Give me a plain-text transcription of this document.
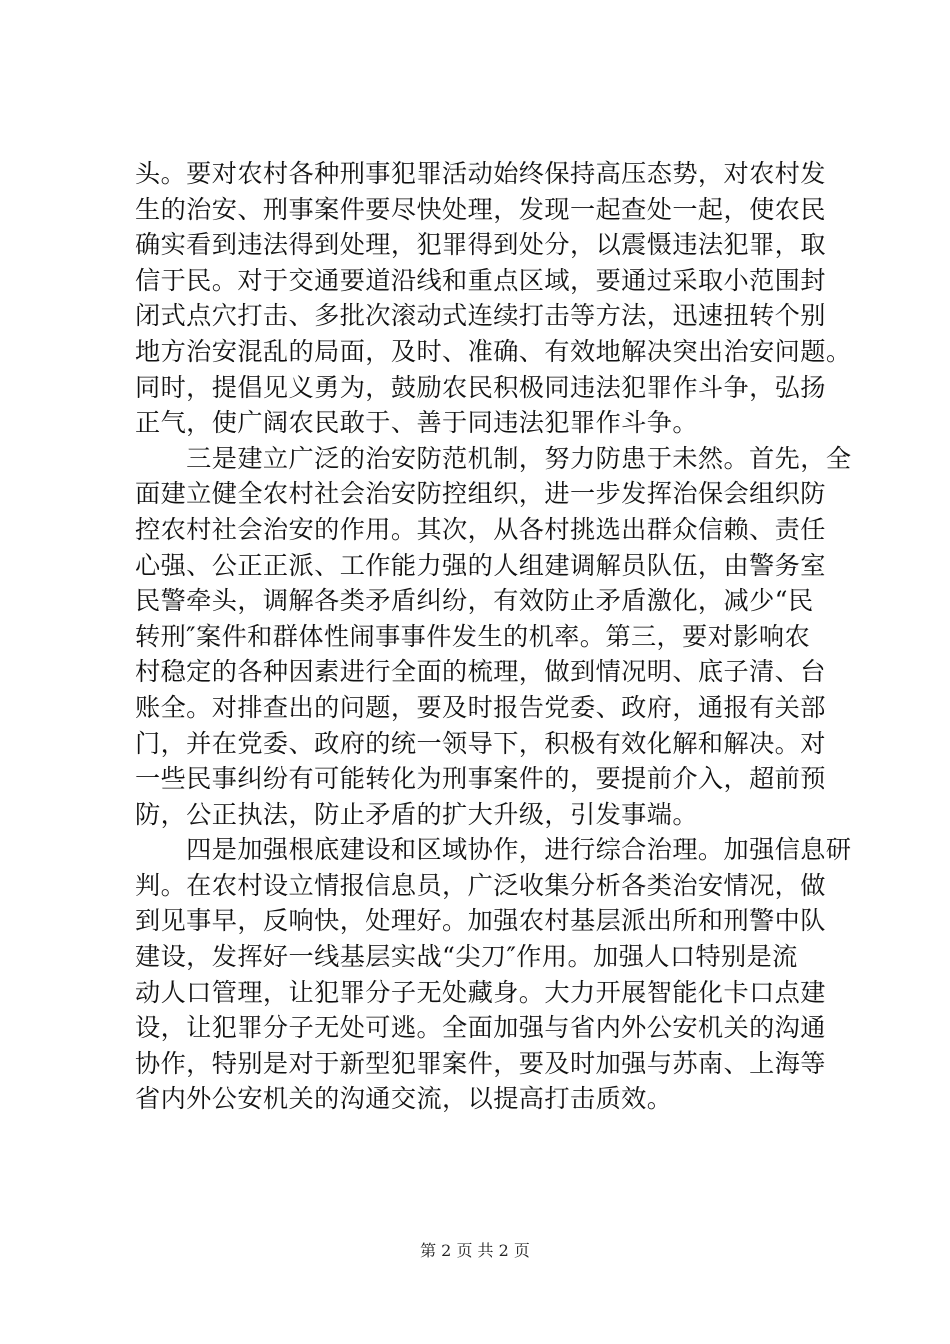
头。要对农村各种刑事犯罪活动始终保持高压态势，对农村发
生的治安、刑事案件要尽快处理，发现一起查处一起，使农民
确实看到违法得到处理，犯罪得到处分，以震慑违法犯罪，取
信于民。对于交通要道沿线和重点区域，要通过采取小范围封
闭式点穴打击、多批次滚动式连续打击等方法，迅速扭转个别
地方治安混乱的局面，及时、准确、有效地解决突出治安问题。
同时，提倡见义勇为，鼓励农民积极同违法犯罪作斗争，弘扬
正气，使广阔农民敢于、善于同违法犯罪作斗争。
　　三是建立广泛的治安防范机制，努力防患于未然。首先，全
面建立健全农村社会治安防控组织，进一步发挥治保会组织防
控农村社会治安的作用。其次，从各村挑选出群众信赖、责任
心强、公正正派、工作能力强的人组建调解员队伍，由警务室
民警牵头，调解各类矛盾纠纷，有效防止矛盾激化，减少“民
转刑″案件和群体性闹事事件发生的机率。第三，要对影响农
村稳定的各种因素进行全面的梳理，做到情况明、底子清、台
账全。对排查出的问题，要及时报告党委、政府，通报有关部
门，并在党委、政府的统一领导下，积极有效化解和解决。对
一些民事纠纷有可能转化为刑事案件的，要提前介入，超前预
防，公正执法，防止矛盾的扩大升级，引发事端。
　　四是加强根底建设和区域协作，进行综合治理。加强信息研
判。在农村设立情报信息员，广泛收集分析各类治安情况，做
到见事早，反响快，处理好。加强农村基层派出所和刑警中队
建设，发挥好一线基层实战“尖刀″作用。加强人口特别是流
动人口管理，让犯罪分子无处藏身。大力开展智能化卡口点建
设，让犯罪分子无处可逃。全面加强与省内外公安机关的沟通
协作，特别是对于新型犯罪案件，要及时加强与苏南、上海等
省内外公安机关的沟通交流，以提高打击质效。
第 2 页 共 2 页
